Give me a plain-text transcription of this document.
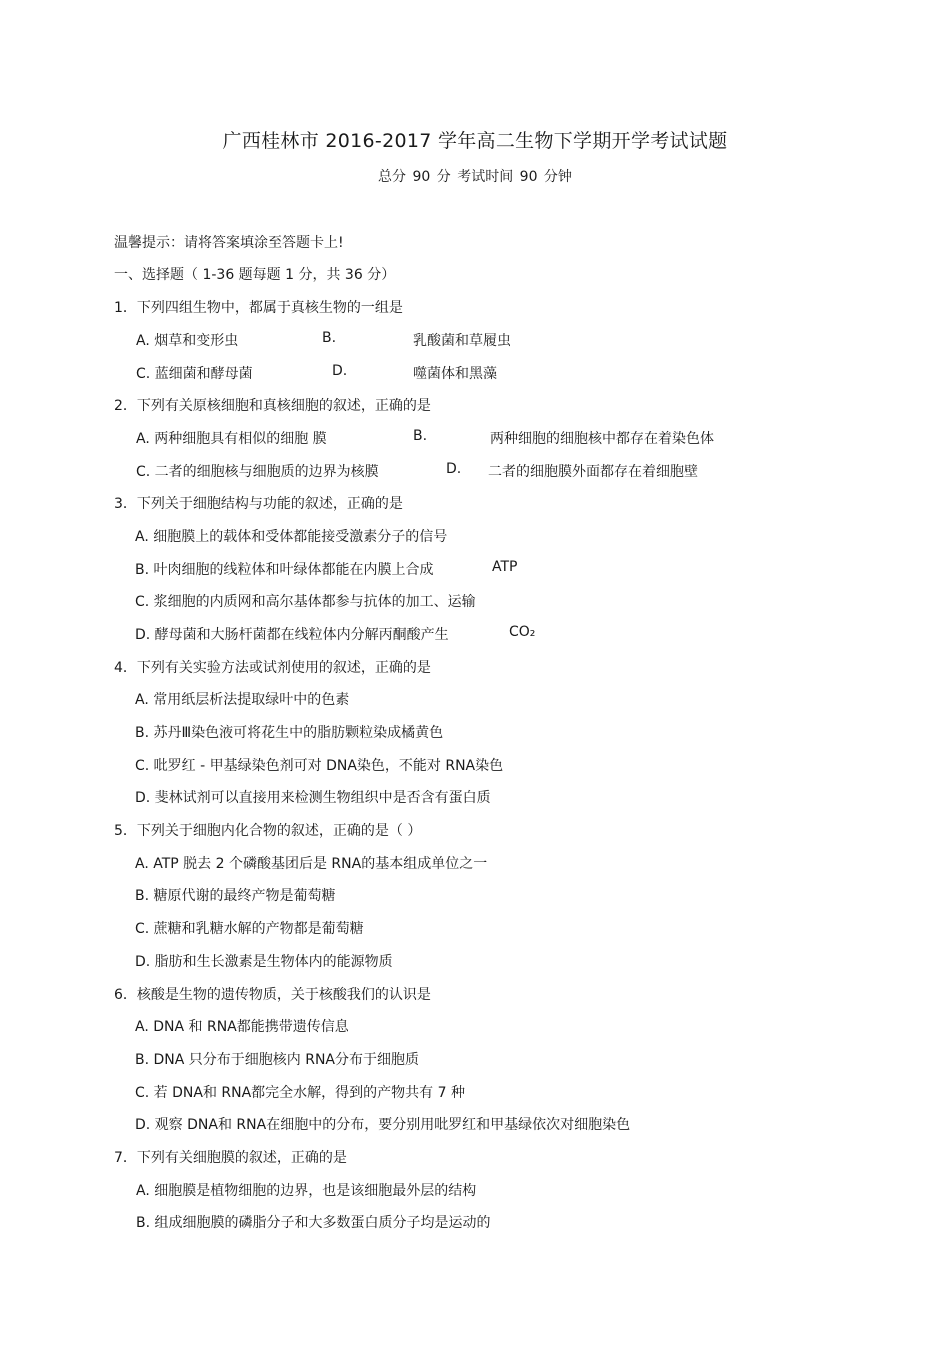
广西桂林市 2016-2017 学年高二生物下学期开学考试试题
总分 90 分 考试时间 90 分钟
温馨提示：请将答案填涂至答题卡上!
一、选择题（ 1-36 题每题 1 分，共 36 分）
1．下列四组生物中，都属于真核生物的一组是
A. 烟草和变形虫	B.	乳酸菌和草履虫
C. 蓝细菌和酵母菌	D.	噬菌体和黑藻
2．下列有关原核细胞和真核细胞的叙述，正确的是
A. 两种细胞具有相似的细胞 膜	B.	两种细胞的细胞核中都存在着染色体
C. 二者的细胞核与细胞质的边界为核膜	D. 二者的细胞膜外面都存在着细胞壁
3．下列关于细胞结构与功能的叙述，正确的是
A. 细胞膜上的载体和受体都能接受激素分子的信号
B. 叶肉细胞的线粒体和叶绿体都能在内膜上合成	ATP
C. 浆细胞的内质网和高尔基体都参与抗体的加工、运输
D. 酵母菌和大肠杆菌都在线粒体内分解丙酮酸产生	CO₂
4．下列有关实验方法或试剂使用的叙述，正确的是
A. 常用纸层析法提取绿叶中的色素
B. 苏丹Ⅲ染色液可将花生中的脂肪颗粒染成橘黄色
C. 吡罗红 - 甲基绿染色剂可对 DNA染色，不能对 RNA染色
D. 斐林试剂可以直接用来检测生物组织中是否含有蛋白质
5．下列关于细胞内化合物的叙述，正确的是（ ）
A. ATP 脱去 2 个磷酸基团后是 RNA的基本组成单位之一
B. 糖原代谢的最终产物是葡萄糖
C. 蔗糖和乳糖水解的产物都是葡萄糖
D. 脂肪和生长激素是生物体内的能源物质
6．核酸是生物的遗传物质，关于核酸我们的认识是
A. DNA 和 RNA都能携带遗传信息
B. DNA 只分布于细胞核内 RNA分布于细胞质
C. 若 DNA和 RNA都完全水解，得到的产物共有 7 种
D. 观察 DNA和 RNA在细胞中的分布，要分别用吡罗红和甲基绿依次对细胞染色
7．下列有关细胞膜的叙述，正确的是
A. 细胞膜是植物细胞的边界，也是该细胞最外层的结构
B. 组成细胞膜的磷脂分子和大多数蛋白质分子均是运动的
